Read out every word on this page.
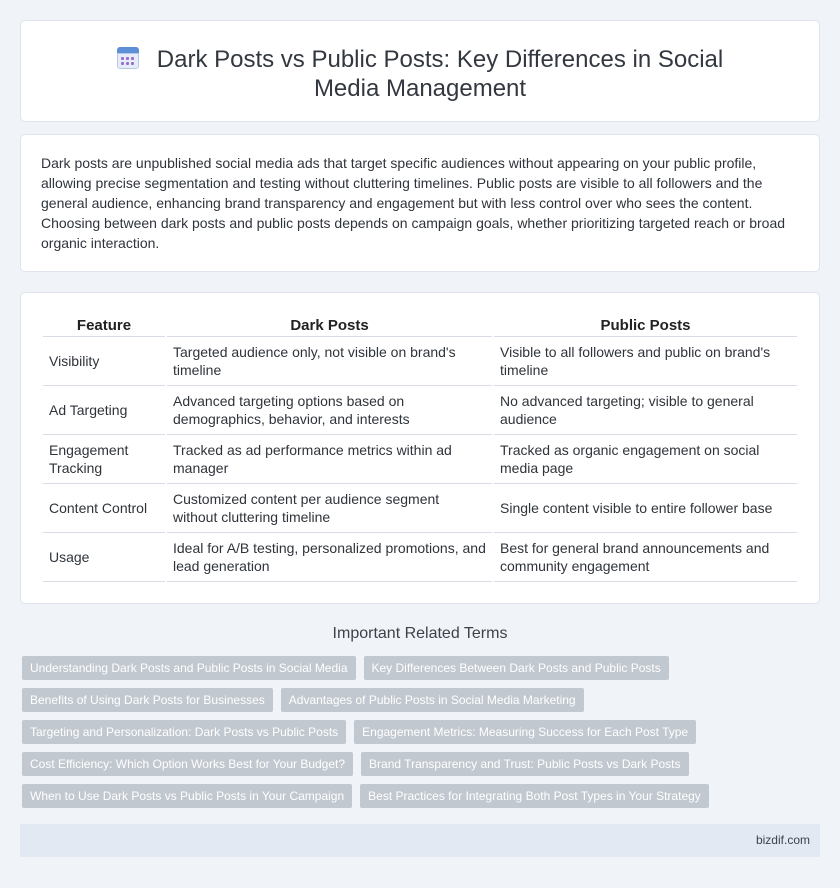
Dark Posts vs Public Posts: Key Differences in Social Media Management

Dark posts are unpublished social media ads that target specific audiences without appearing on your public profile, allowing precise segmentation and testing without cluttering timelines. Public posts are visible to all followers and the general audience, enhancing brand transparency and engagement but with less control over who sees the content. Choosing between dark posts and public posts depends on campaign goals, whether prioritizing targeted reach or broad organic interaction.

Feature	Dark Posts	Public Posts
Visibility	Targeted audience only, not visible on brand's timeline	Visible to all followers and public on brand's timeline
Ad Targeting	Advanced targeting options based on demographics, behavior, and interests	No advanced targeting; visible to general audience
Engagement Tracking	Tracked as ad performance metrics within ad manager	Tracked as organic engagement on social media page
Content Control	Customized content per audience segment without cluttering timeline	Single content visible to entire follower base
Usage	Ideal for A/B testing, personalized promotions, and lead generation	Best for general brand announcements and community engagement
Important Related Terms
Understanding Dark Posts and Public Posts in Social Media	Key Differences Between Dark Posts and Public Posts
Benefits of Using Dark Posts for Businesses	Advantages of Public Posts in Social Media Marketing
Targeting and Personalization: Dark Posts vs Public Posts	Engagement Metrics: Measuring Success for Each Post Type
Cost Efficiency: Which Option Works Best for Your Budget?	Brand Transparency and Trust: Public Posts vs Dark Posts
When to Use Dark Posts vs Public Posts in Your Campaign	Best Practices for Integrating Both Post Types in Your Strategy
bizdif.com
